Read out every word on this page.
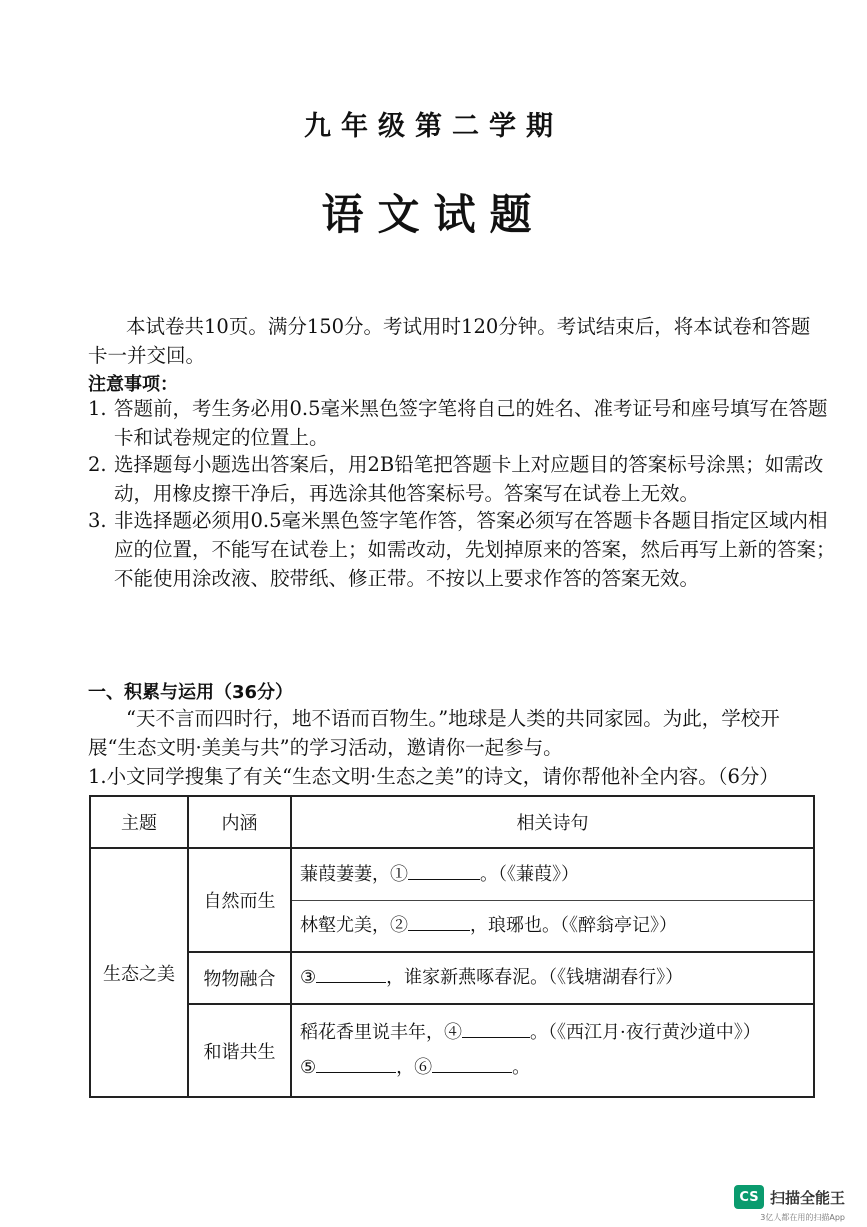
九年级第二学期
语文试题
本试卷共10页。满分150分。考试用时120分钟。考试结束后，将本试卷和答题卡一并交回。
注意事项：
1. 答题前，考生务必用0.5毫米黑色签字笔将自己的姓名、准考证号和座号填写在答题卡和试卷规定的位置上。
2. 选择题每小题选出答案后，用2B铅笔把答题卡上对应题目的答案标号涂黑；如需改动，用橡皮擦干净后，再选涂其他答案标号。答案写在试卷上无效。
3. 非选择题必须用0.5毫米黑色签字笔作答，答案必须写在答题卡各题目指定区域内相应的位置，不能写在试卷上；如需改动，先划掉原来的答案，然后再写上新的答案；不能使用涂改液、胶带纸、修正带。不按以上要求作答的答案无效。
一、积累与运用（36分）
“天不言而四时行，地不语而百物生。”地球是人类的共同家园。为此，学校开展“生态文明·美美与共”的学习活动，邀请你一起参与。
1.小文同学搜集了有关“生态文明·生态之美”的诗文，请你帮他补全内容。（6分）
主题	内涵	相关诗句
生态之美	自然而生	蒹葭萋萋，① 。（《蒹葭》）
林壑尤美，② ，琅琊也。（《醉翁亭记》）

	物物融合	③ ，谁家新燕啄春泥。（《钱塘湖春行》）
	和谐共生	稻花香里说丰年，④ 。（《西江月·夜行黄沙道中》）
⑤ ，⑥ 。
CS 扫描全能王
3亿人都在用的扫描App
